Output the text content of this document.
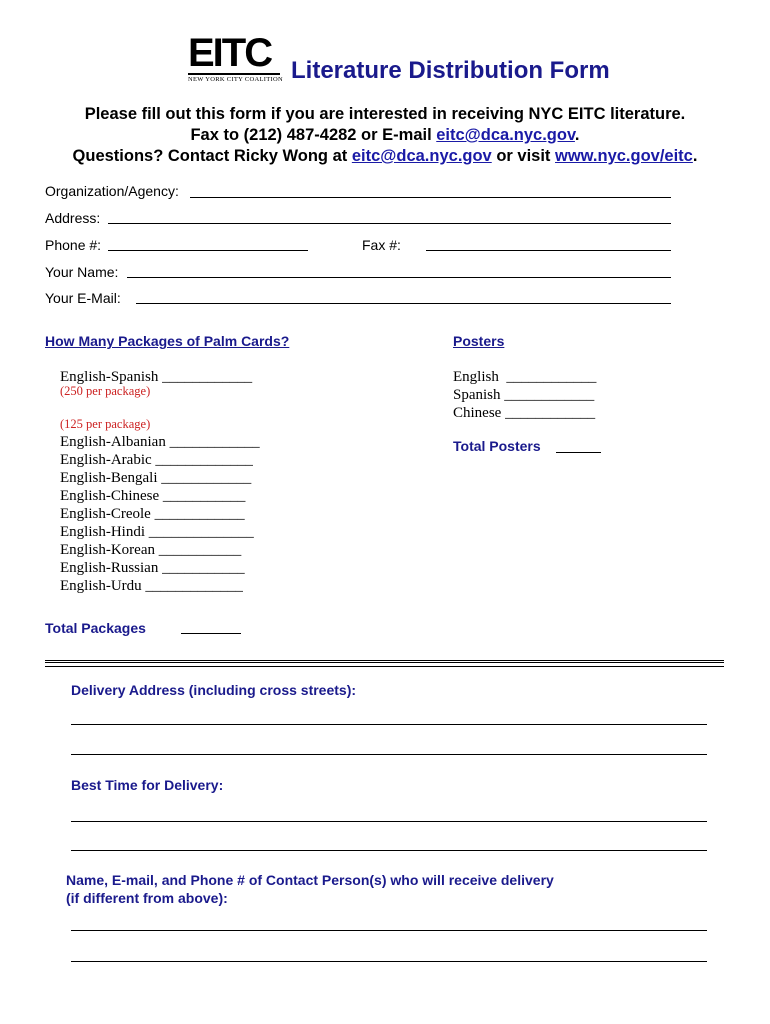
EITC
NEW YORK CITY COALITION Literature Distribution Form
Please fill out this form if you are interested in receiving NYC EITC literature.
Fax to (212) 487-4282 or E-mail eitc@dca.nyc.gov.
Questions? Contact Ricky Wong at eitc@dca.nyc.gov or visit www.nyc.gov/eitc.
Organization/Agency:
Address:
Phone #:	Fax #:
Your Name:
Your E-Mail:
How Many Packages of Palm Cards?
English-Spanish ____________
(250 per package)
(125 per package)
English-Albanian ____________
English-Arabic _____________
English-Bengali ____________
English-Chinese ___________
English-Creole ____________
English-Hindi ______________
English-Korean ___________
English-Russian ___________
English-Urdu _____________
Total Packages
Posters
English ____________
Spanish ____________
Chinese ____________
Total Posters
Delivery Address (including cross streets):
Best Time for Delivery:
Name, E-mail, and Phone # of Contact Person(s) who will receive delivery
(if different from above):
